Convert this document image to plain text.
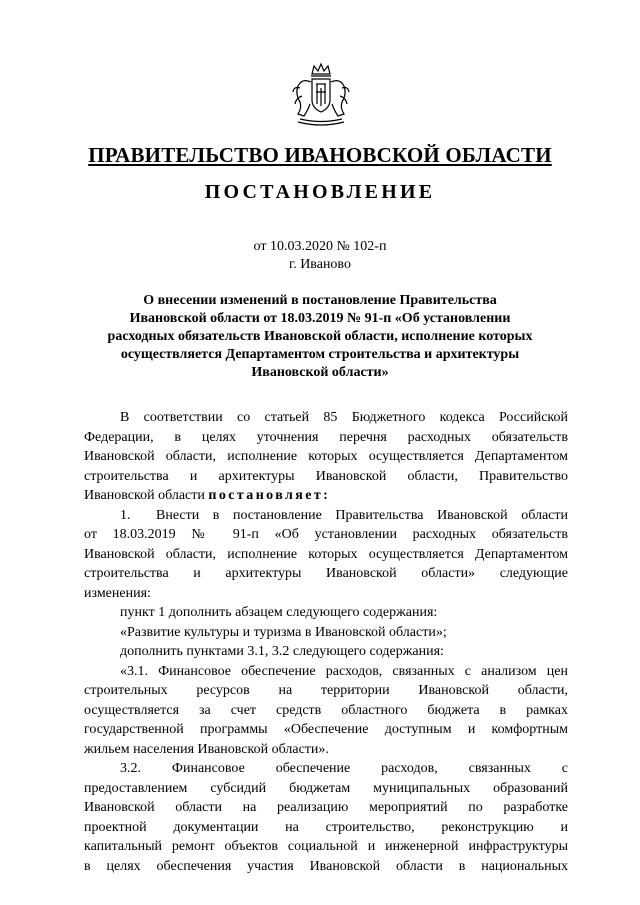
ПРАВИТЕЛЬСТВО ИВАНОВСКОЙ ОБЛАСТИ
ПОСТАНОВЛЕНИЕ
от 10.03.2020 № 102-п
г. Иваново
О внесении изменений в постановление Правительства
Ивановской области от 18.03.2019 № 91-п «Об установлении
расходных обязательств Ивановской области, исполнение которых
осуществляется Департаментом строительства и архитектуры
Ивановской области»
В соответствии со статьей 85 Бюджетного кодекса Российской
Федерации, в целях уточнения перечня расходных обязательств
Ивановской области, исполнение которых осуществляется Департаментом
строительства и архитектуры Ивановской области, Правительство
Ивановской области постановляет:
1.	Внести в постановление Правительства Ивановской области
от 18.03.2019 № 91-п «Об установлении расходных обязательств
Ивановской области, исполнение которых осуществляется Департаментом
строительства и архитектуры Ивановской области» следующие
изменения:
пункт 1 дополнить абзацем следующего содержания:
«Развитие культуры и туризма в Ивановской области»;
дополнить пунктами 3.1, 3.2 следующего содержания:
«3.1. Финансовое обеспечение расходов, связанных с анализом цен
строительных ресурсов на территории Ивановской области,
осуществляется за счет средств областного бюджета в рамках
государственной программы «Обеспечение доступным и комфортным
жильем населения Ивановской области».
3.2. Финансовое обеспечение расходов, связанных с
предоставлением субсидий бюджетам муниципальных образований
Ивановской области на реализацию мероприятий по разработке
проектной документации на строительство, реконструкцию и
капитальный ремонт объектов социальной и инженерной инфраструктуры
в целях обеспечения участия Ивановской области в национальных
